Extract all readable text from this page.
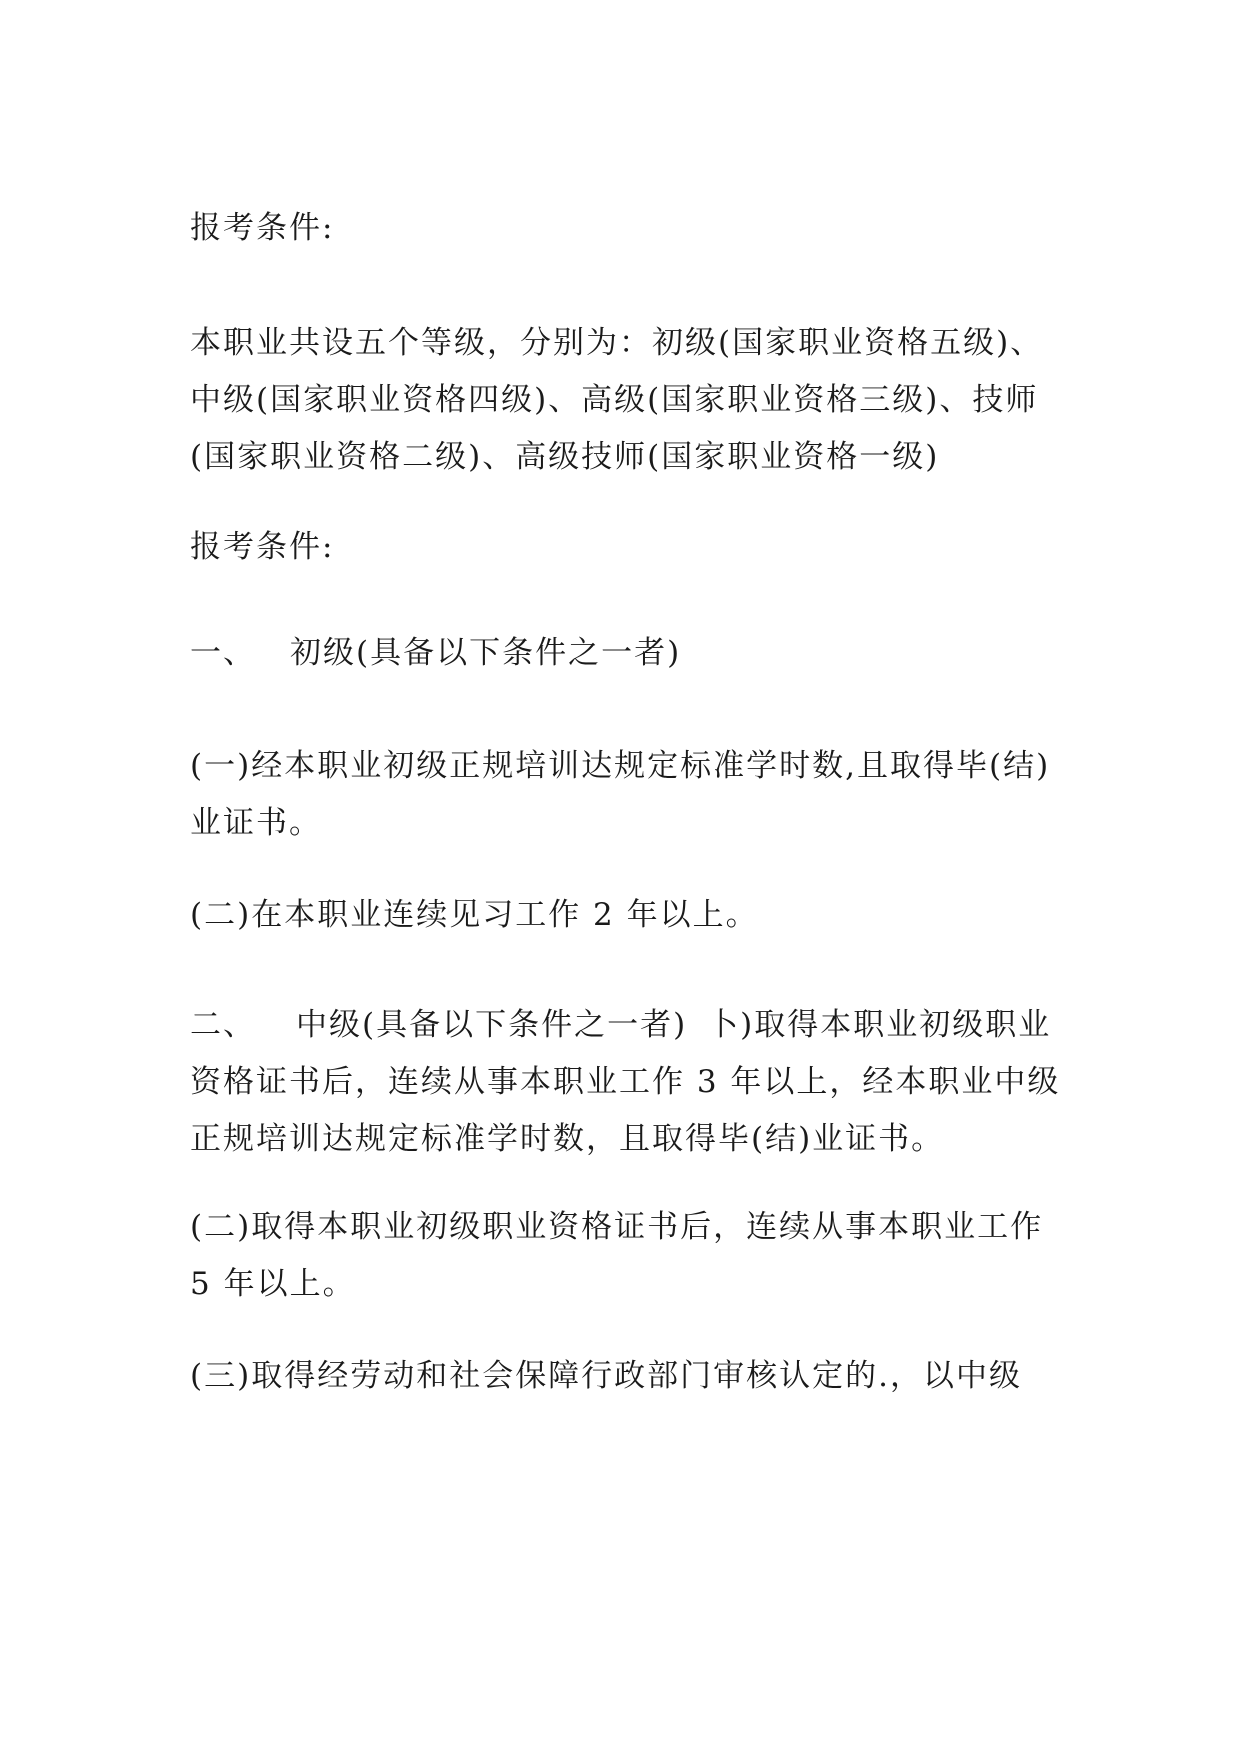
报考条件:

本职业共设五个等级，分别为：初级(国家职业资格五级)、
中级(国家职业资格四级)、高级(国家职业资格三级)、技师
(国家职业资格二级)、高级技师(国家职业资格一级)

报考条件:

一、 初级(具备以下条件之一者)

(一)经本职业初级正规培训达规定标准学时数,且取得毕(结)
业证书。

(二)在本职业连续见习工作 2 年以上。

二、 中级(具备以下条件之一者) 卜)取得本职业初级职业
资格证书后，连续从事本职业工作 3 年以上，经本职业中级
正规培训达规定标准学时数，且取得毕(结)业证书。

(二)取得本职业初级职业资格证书后，连续从事本职业工作
5 年以上。

(三)取得经劳动和社会保障行政部门审核认定的.，以中级
